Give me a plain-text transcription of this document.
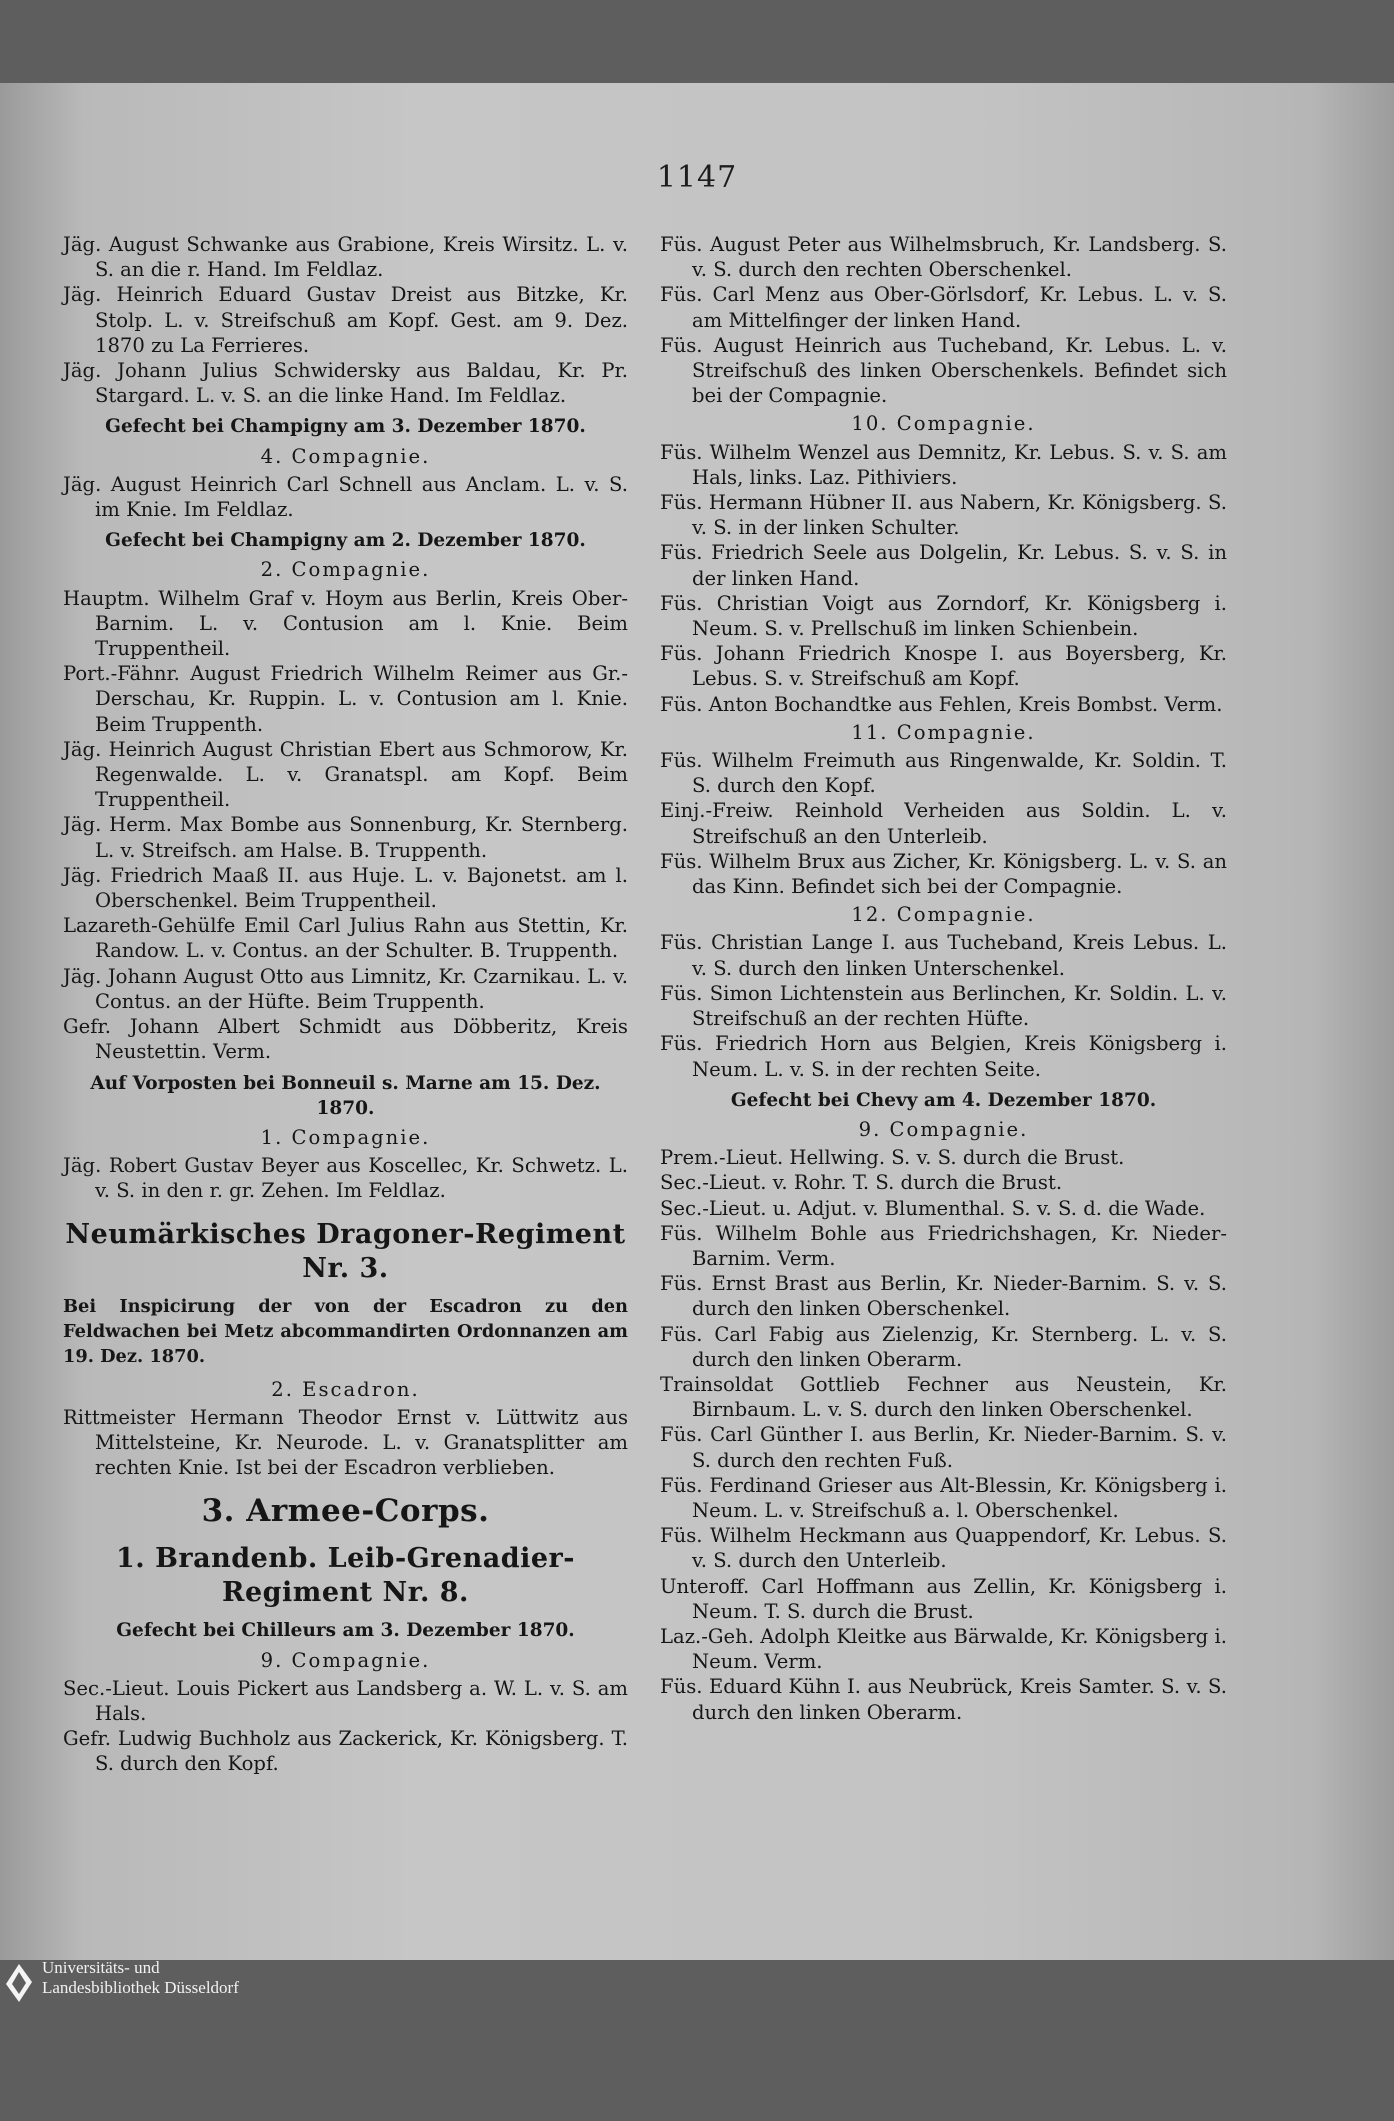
1147

Jäg. August Schwanke aus Grabione, Kreis Wirsitz. L. v. S. an die r. Hand. Im Feldlaz.

Jäg. Heinrich Eduard Gustav Dreist aus Bitzke, Kr. Stolp. L. v. Streifschuß am Kopf. Gest. am 9. Dez. 1870 zu La Ferrieres.

Jäg. Johann Julius Schwidersky aus Baldau, Kr. Pr. Stargard. L. v. S. an die linke Hand. Im Feldlaz.

Gefecht bei Champigny am 3. Dezember 1870.

4. Compagnie.

Jäg. August Heinrich Carl Schnell aus Anclam. L. v. S. im Knie. Im Feldlaz.

Gefecht bei Champigny am 2. Dezember 1870.

2. Compagnie.

Hauptm. Wilhelm Graf v. Hoym aus Berlin, Kreis Ober-Barnim. L. v. Contusion am l. Knie. Beim Truppentheil.

Port.-Fähnr. August Friedrich Wilhelm Reimer aus Gr.-Derschau, Kr. Ruppin. L. v. Contusion am l. Knie. Beim Truppenth.

Jäg. Heinrich August Christian Ebert aus Schmorow, Kr. Regenwalde. L. v. Granatspl. am Kopf. Beim Truppentheil.

Jäg. Herm. Max Bombe aus Sonnenburg, Kr. Sternberg. L. v. Streifsch. am Halse. B. Truppenth.

Jäg. Friedrich Maaß II. aus Huje. L. v. Bajonetst. am l. Oberschenkel. Beim Truppentheil.

Lazareth-Gehülfe Emil Carl Julius Rahn aus Stettin, Kr. Randow. L. v. Contus. an der Schulter. B. Truppenth.

Jäg. Johann August Otto aus Limnitz, Kr. Czarnikau. L. v. Contus. an der Hüfte. Beim Truppenth.

Gefr. Johann Albert Schmidt aus Döbberitz, Kreis Neustettin. Verm.

Auf Vorposten bei Bonneuil s. Marne am 15. Dez. 1870.

1. Compagnie.

Jäg. Robert Gustav Beyer aus Koscellec, Kr. Schwetz. L. v. S. in den r. gr. Zehen. Im Feldlaz.

Neumärkisches Dragoner-Regiment Nr. 3.

Bei Inspicirung der von der Escadron zu den Feldwachen bei Metz abcommandirten Ordonnanzen am 19. Dez. 1870.

2. Escadron.

Rittmeister Hermann Theodor Ernst v. Lüttwitz aus Mittelsteine, Kr. Neurode. L. v. Granatsplitter am rechten Knie. Ist bei der Escadron verblieben.

3. Armee-Corps.

1. Brandenb. Leib-Grenadier-Regiment Nr. 8.

Gefecht bei Chilleurs am 3. Dezember 1870.

9. Compagnie.

Sec.-Lieut. Louis Pickert aus Landsberg a. W. L. v. S. am Hals.

Gefr. Ludwig Buchholz aus Zackerick, Kr. Königsberg. T. S. durch den Kopf.

Füs. August Peter aus Wilhelmsbruch, Kr. Landsberg. S. v. S. durch den rechten Oberschenkel.

Füs. Carl Menz aus Ober-Görlsdorf, Kr. Lebus. L. v. S. am Mittelfinger der linken Hand.

Füs. August Heinrich aus Tucheband, Kr. Lebus. L. v. Streifschuß des linken Oberschenkels. Befindet sich bei der Compagnie.

10. Compagnie.

Füs. Wilhelm Wenzel aus Demnitz, Kr. Lebus. S. v. S. am Hals, links. Laz. Pithiviers.

Füs. Hermann Hübner II. aus Nabern, Kr. Königsberg. S. v. S. in der linken Schulter.

Füs. Friedrich Seele aus Dolgelin, Kr. Lebus. S. v. S. in der linken Hand.

Füs. Christian Voigt aus Zorndorf, Kr. Königsberg i. Neum. S. v. Prellschuß im linken Schienbein.

Füs. Johann Friedrich Knospe I. aus Boyersberg, Kr. Lebus. S. v. Streifschuß am Kopf.

Füs. Anton Bochandtke aus Fehlen, Kreis Bombst. Verm.

11. Compagnie.

Füs. Wilhelm Freimuth aus Ringenwalde, Kr. Soldin. T. S. durch den Kopf.

Einj.-Freiw. Reinhold Verheiden aus Soldin. L. v. Streifschuß an den Unterleib.

Füs. Wilhelm Brux aus Zicher, Kr. Königsberg. L. v. S. an das Kinn. Befindet sich bei der Compagnie.

12. Compagnie.

Füs. Christian Lange I. aus Tucheband, Kreis Lebus. L. v. S. durch den linken Unterschenkel.

Füs. Simon Lichtenstein aus Berlinchen, Kr. Soldin. L. v. Streifschuß an der rechten Hüfte.

Füs. Friedrich Horn aus Belgien, Kreis Königsberg i. Neum. L. v. S. in der rechten Seite.

Gefecht bei Chevy am 4. Dezember 1870.

9. Compagnie.

Prem.-Lieut. Hellwing. S. v. S. durch die Brust.

Sec.-Lieut. v. Rohr. T. S. durch die Brust.

Sec.-Lieut. u. Adjut. v. Blumenthal. S. v. S. d. die Wade.

Füs. Wilhelm Bohle aus Friedrichshagen, Kr. Nieder-Barnim. Verm.

Füs. Ernst Brast aus Berlin, Kr. Nieder-Barnim. S. v. S. durch den linken Oberschenkel.

Füs. Carl Fabig aus Zielenzig, Kr. Sternberg. L. v. S. durch den linken Oberarm.

Trainsoldat Gottlieb Fechner aus Neustein, Kr. Birnbaum. L. v. S. durch den linken Oberschenkel.

Füs. Carl Günther I. aus Berlin, Kr. Nieder-Barnim. S. v. S. durch den rechten Fuß.

Füs. Ferdinand Grieser aus Alt-Blessin, Kr. Königsberg i. Neum. L. v. Streifschuß a. l. Oberschenkel.

Füs. Wilhelm Heckmann aus Quappendorf, Kr. Lebus. S. v. S. durch den Unterleib.

Unteroff. Carl Hoffmann aus Zellin, Kr. Königsberg i. Neum. T. S. durch die Brust.

Laz.-Geh. Adolph Kleitke aus Bärwalde, Kr. Königsberg i. Neum. Verm.

Füs. Eduard Kühn I. aus Neubrück, Kreis Samter. S. v. S. durch den linken Oberarm.

Universitäts- und
Landesbibliothek Düsseldorf
